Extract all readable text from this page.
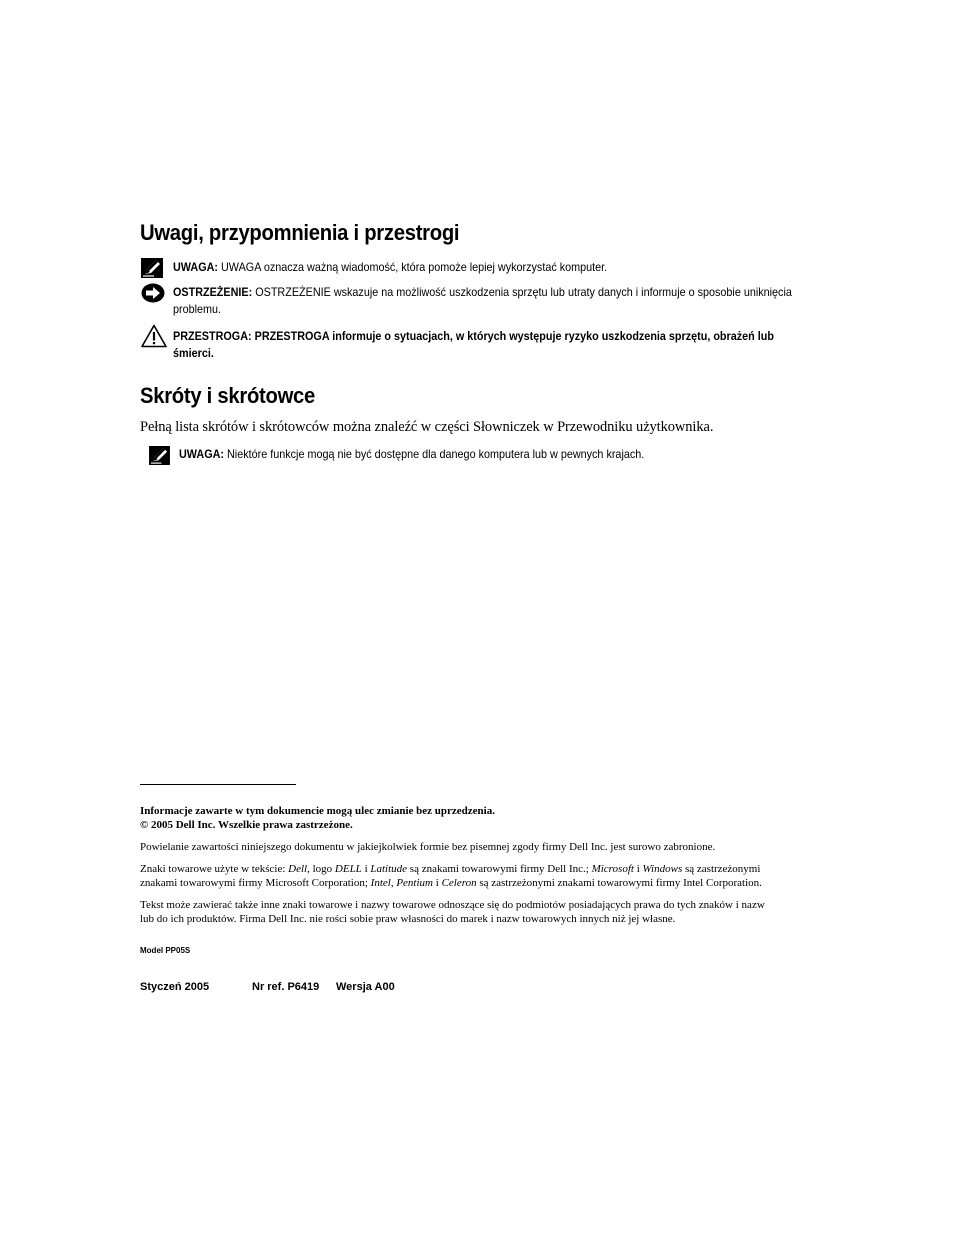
Uwagi, przypomnienia i przestrogi
UWAGA: UWAGA oznacza ważną wiadomość, która pomoże lepiej wykorzystać komputer.
OSTRZEŻENIE: OSTRZEŻENIE wskazuje na możliwość uszkodzenia sprzętu lub utraty danych i informuje o sposobie uniknięcia
problemu.
PRZESTROGA: PRZESTROGA informuje o sytuacjach, w których występuje ryzyko uszkodzenia sprzętu, obrażeń lub
śmierci.
Skróty i skrótowce
Pełną lista skrótów i skrótowców można znaleźć w części Słowniczek w Przewodniku użytkownika.
UWAGA: Niektóre funkcje mogą nie być dostępne dla danego komputera lub w pewnych krajach.
Informacje zawarte w tym dokumencie mogą ulec zmianie bez uprzedzenia.
© 2005 Dell Inc. Wszelkie prawa zastrzeżone.
Powielanie zawartości niniejszego dokumentu w jakiejkolwiek formie bez pisemnej zgody firmy Dell Inc. jest surowo zabronione.
Znaki towarowe użyte w tekście: Dell, logo DELL i Latitude są znakami towarowymi firmy Dell Inc.; Microsoft i Windows są zastrzeżonymi
znakami towarowymi firmy Microsoft Corporation; Intel, Pentium i Celeron są zastrzeżonymi znakami towarowymi firmy Intel Corporation.
Tekst może zawierać także inne znaki towarowe i nazwy towarowe odnoszące się do podmiotów posiadających prawa do tych znaków i nazw
lub do ich produktów. Firma Dell Inc. nie rości sobie praw własności do marek i nazw towarowych innych niż jej własne.
Model PP05S
Styczeń 2005	Nr ref. P6419 Wersja A00
